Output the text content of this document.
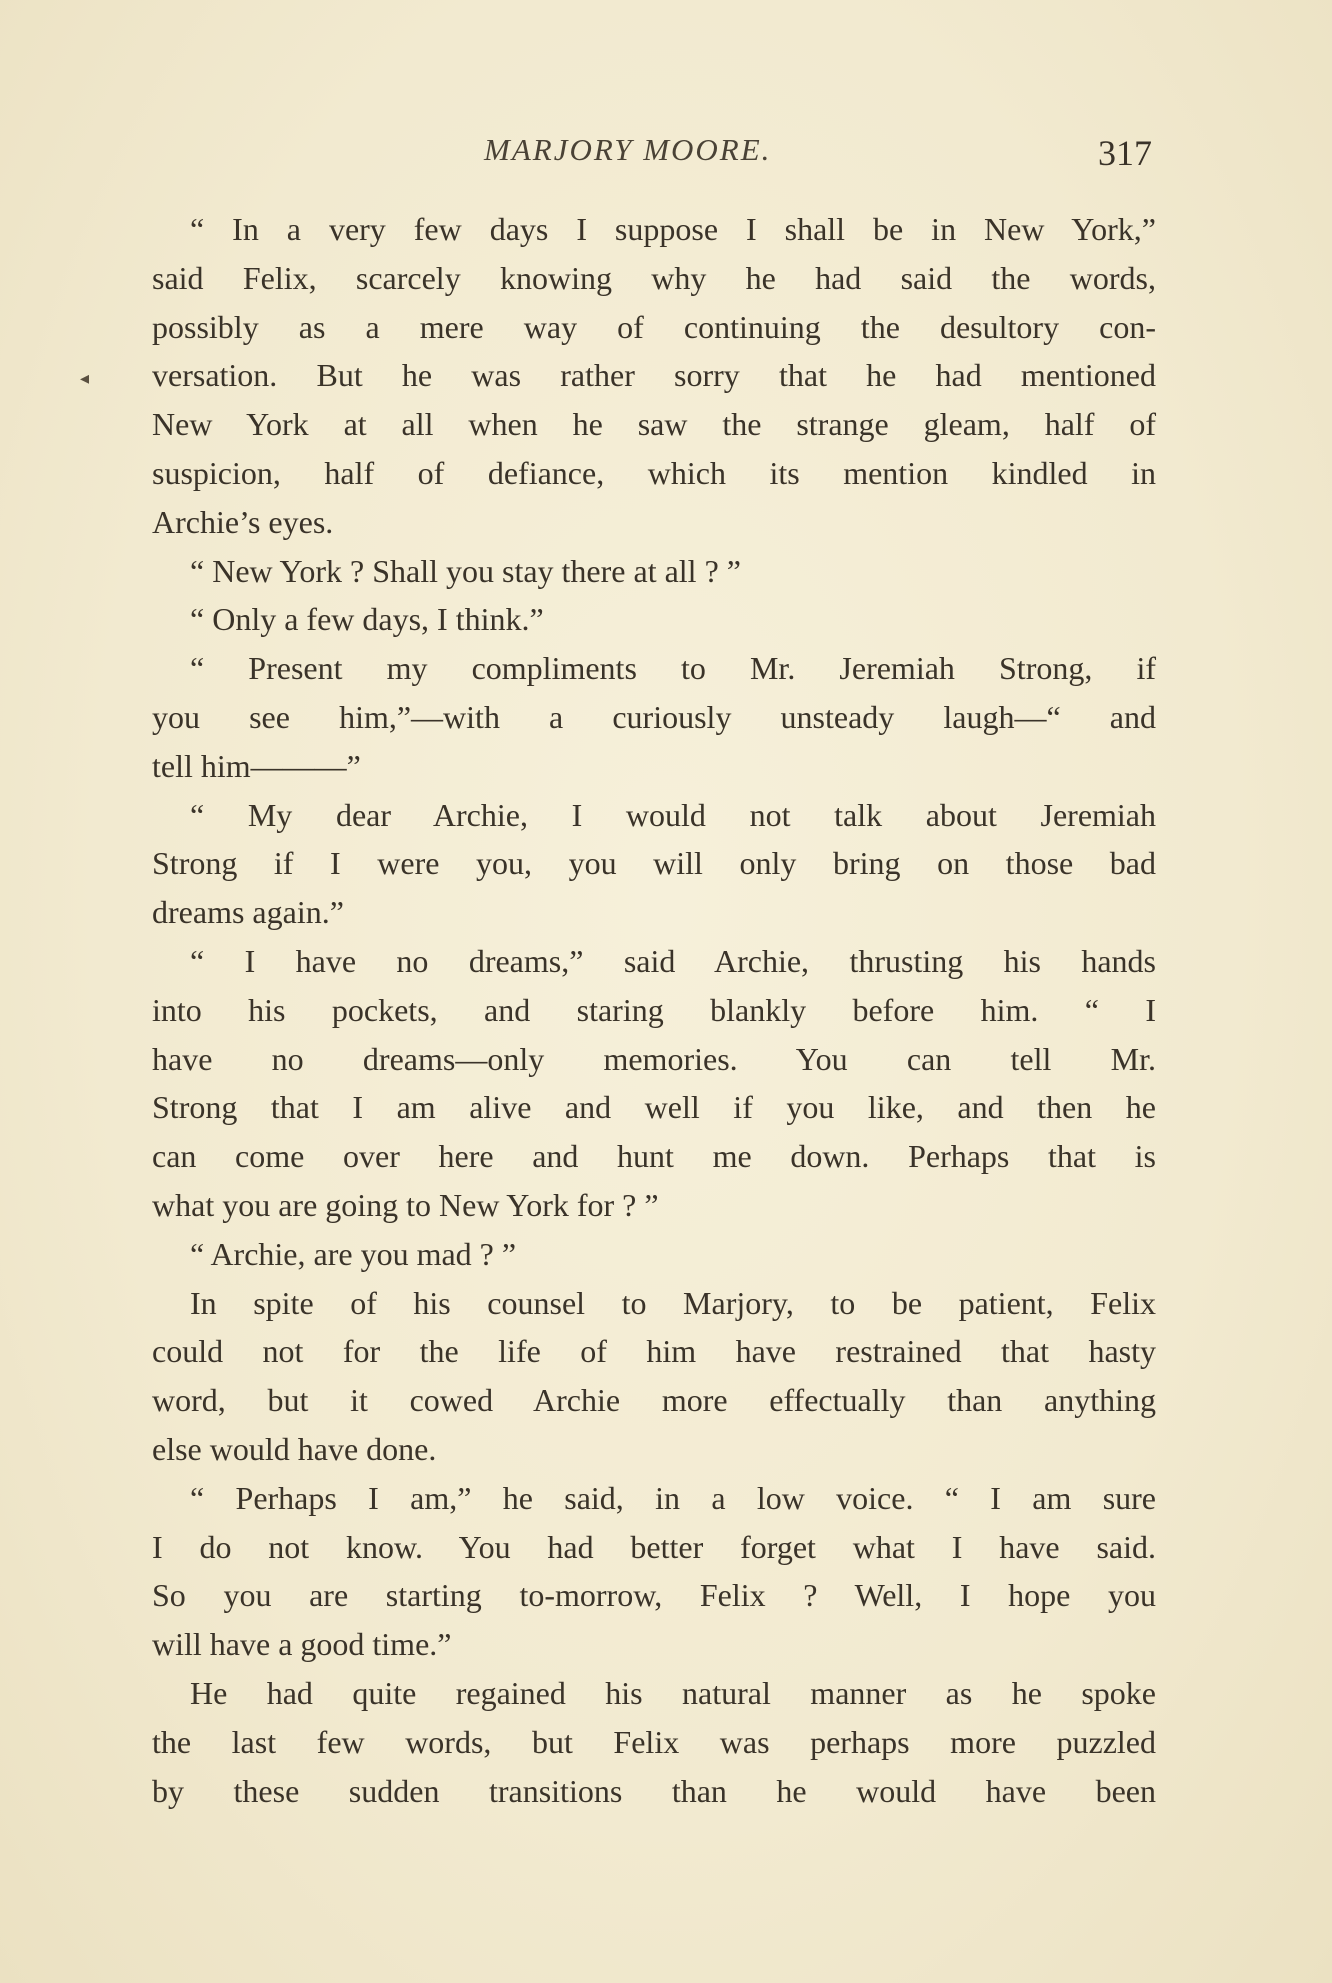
MARJORY MOORE.	317
◂
“ In a very few days I suppose I shall be in New York,”
said Felix, scarcely knowing why he had said the words,
possibly as a mere way of continuing the desultory con-
versation. But he was rather sorry that he had mentioned
New York at all when he saw the strange gleam, half of
suspicion, half of defiance, which its mention kindled in
Archie’s eyes.
“ New York ? Shall you stay there at all ? ”
“ Only a few days, I think.”
“ Present my compliments to Mr. Jeremiah Strong, if
you see him,”—with a curiously unsteady laugh—“ and
tell him———”
“ My dear Archie, I would not talk about Jeremiah
Strong if I were you, you will only bring on those bad
dreams again.”
“ I have no dreams,” said Archie, thrusting his hands
into his pockets, and staring blankly before him. “ I
have no dreams—only memories. You can tell Mr.
Strong that I am alive and well if you like, and then he
can come over here and hunt me down. Perhaps that is
what you are going to New York for ? ”
“ Archie, are you mad ? ”
In spite of his counsel to Marjory, to be patient, Felix
could not for the life of him have restrained that hasty
word, but it cowed Archie more effectually than anything
else would have done.
“ Perhaps I am,” he said, in a low voice. “ I am sure
I do not know. You had better forget what I have said.
So you are starting to-morrow, Felix ? Well, I hope you
will have a good time.”
He had quite regained his natural manner as he spoke
the last few words, but Felix was perhaps more puzzled
by these sudden transitions than he would have been
